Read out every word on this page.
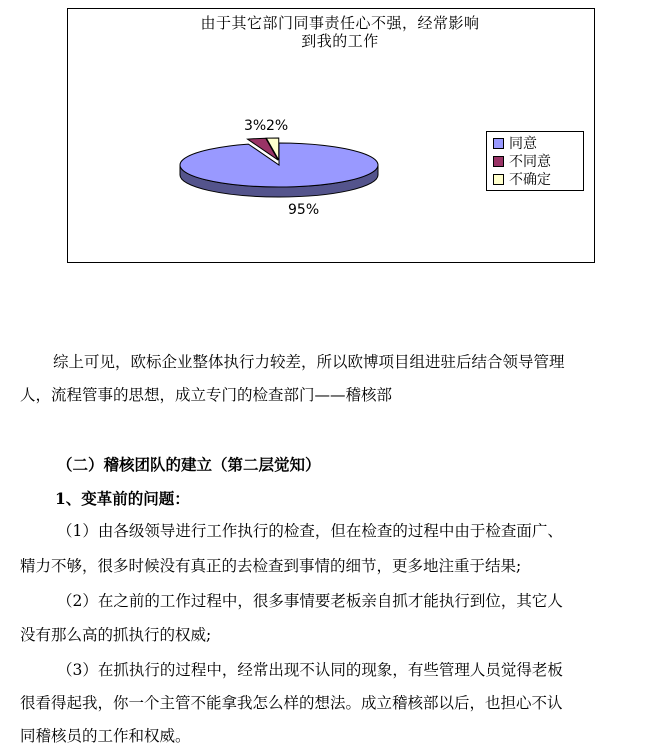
由于其它部门同事责任心不强，经常影响
到我的工作
95%
3% 2%
同意
不同意
不确定
综上可见，欧标企业整体执行力较差，所以欧博项目组进驻后结合领导管理
人，流程管事的思想，成立专门的检查部门——稽核部
（二）稽核团队的建立（第二层觉知）
1、变革前的问题：
（1）由各级领导进行工作执行的检查，但在检查的过程中由于检查面广、
精力不够，很多时候没有真正的去检查到事情的细节，更多地注重于结果;
（2）在之前的工作过程中，很多事情要老板亲自抓才能执行到位，其它人
没有那么高的抓执行的权威;
（3）在抓执行的过程中，经常出现不认同的现象，有些管理人员觉得老板
很看得起我，你一个主管不能拿我怎么样的想法。成立稽核部以后，也担心不认
同稽核员的工作和权威。
